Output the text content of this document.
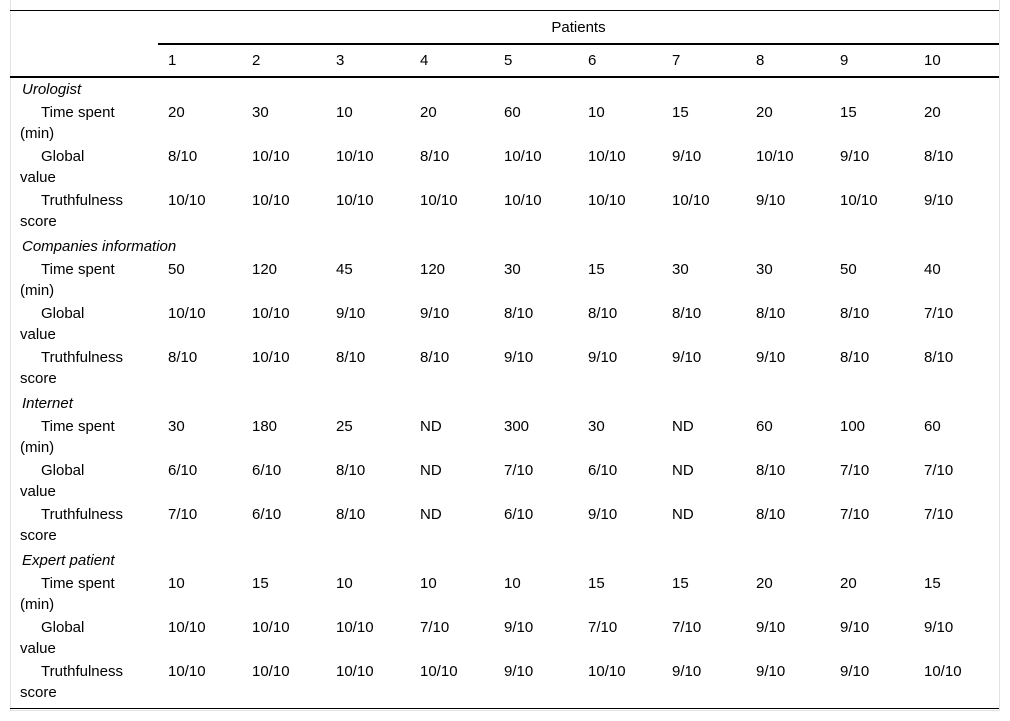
Patients
1	2	3	4	5	6	7	8	9	10
Urologist
Time spent
(min)
20	30	10	20	60	10	15	20	15	20
Global
value
8/10	10/10	10/10	8/10	10/10	10/10	9/10	10/10	9/10	8/10
Truthfulness
score
10/10	10/10	10/10	10/10	10/10	10/10	10/10	9/10	10/10	9/10
Companies information
Time spent
(min)
50	120	45	120	30	15	30	30	50	40
Global
value
10/10	10/10	9/10	9/10	8/10	8/10	8/10	8/10	8/10	7/10
Truthfulness
score
8/10	10/10	8/10	8/10	9/10	9/10	9/10	9/10	8/10	8/10
Internet
Time spent
(min)
30	180	25	ND	300	30	ND	60	100	60
Global
value
6/10	6/10	8/10	ND	7/10	6/10	ND	8/10	7/10	7/10
Truthfulness
score
7/10	6/10	8/10	ND	6/10	9/10	ND	8/10	7/10	7/10
Expert patient
Time spent
(min)
10	15	10	10	10	15	15	20	20	15
Global
value
10/10	10/10	10/10	7/10	9/10	7/10	7/10	9/10	9/10	9/10
Truthfulness
score
10/10	10/10	10/10	10/10	9/10	10/10	9/10	9/10	9/10	10/10
